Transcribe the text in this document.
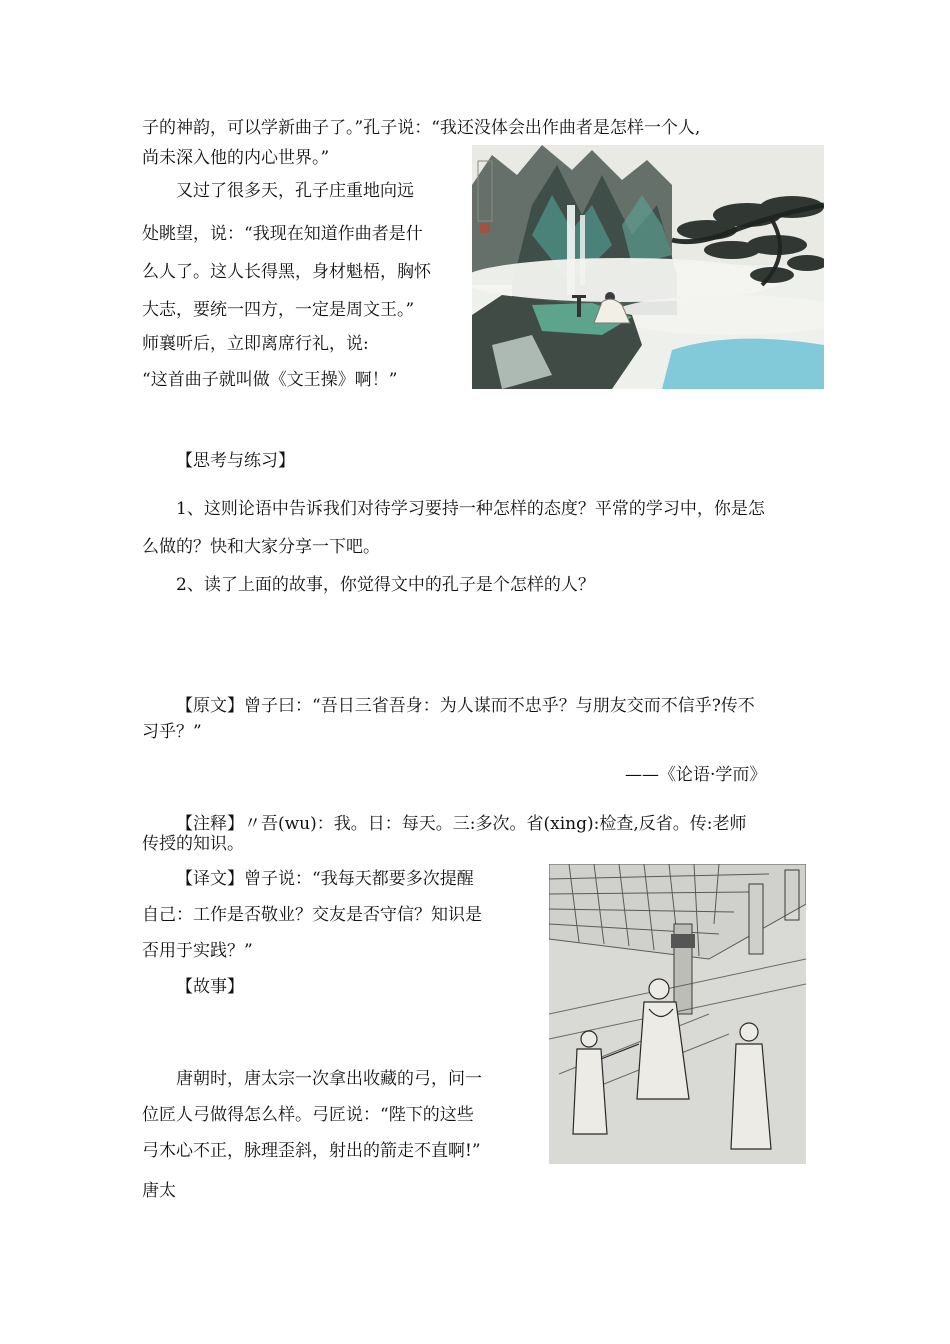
子的神韵，可以学新曲子了。”孔子说：“我还没体会出作曲者是怎样一个人,
尚未深入他的内心世界。”
又过了很多天，孔子庄重地向远
处眺望，说：“我现在知道作曲者是什
么人了。这人长得黑，身材魁梧，胸怀
大志，要统一四方，一定是周文王。”
师襄听后，立即离席行礼，说:
“这首曲子就叫做《文王操》啊！”
【思考与练习】
1、这则论语中告诉我们对待学习要持一种怎样的态度？平常的学习中，你是怎
么做的？快和大家分享一下吧。
2、读了上面的故事，你觉得文中的孔子是个怎样的人？
【原文】曾子曰：“吾日三省吾身：为人谋而不忠乎？与朋友交而不信乎?传不
习乎？”
——《论语·学而》
【注释】〃吾(wu)：我。日：每天。三:多次。省(xing):检查,反省。传:老师
传授的知识。
【译文】曾子说：“我每天都要多次提醒
自己：工作是否敬业？交友是否守信？知识是
否用于实践？”
【故事】
唐朝时，唐太宗一次拿出收藏的弓，问一
位匠人弓做得怎么样。弓匠说：“陛下的这些
弓木心不正，脉理歪斜，射出的箭走不直啊!”
唐太
